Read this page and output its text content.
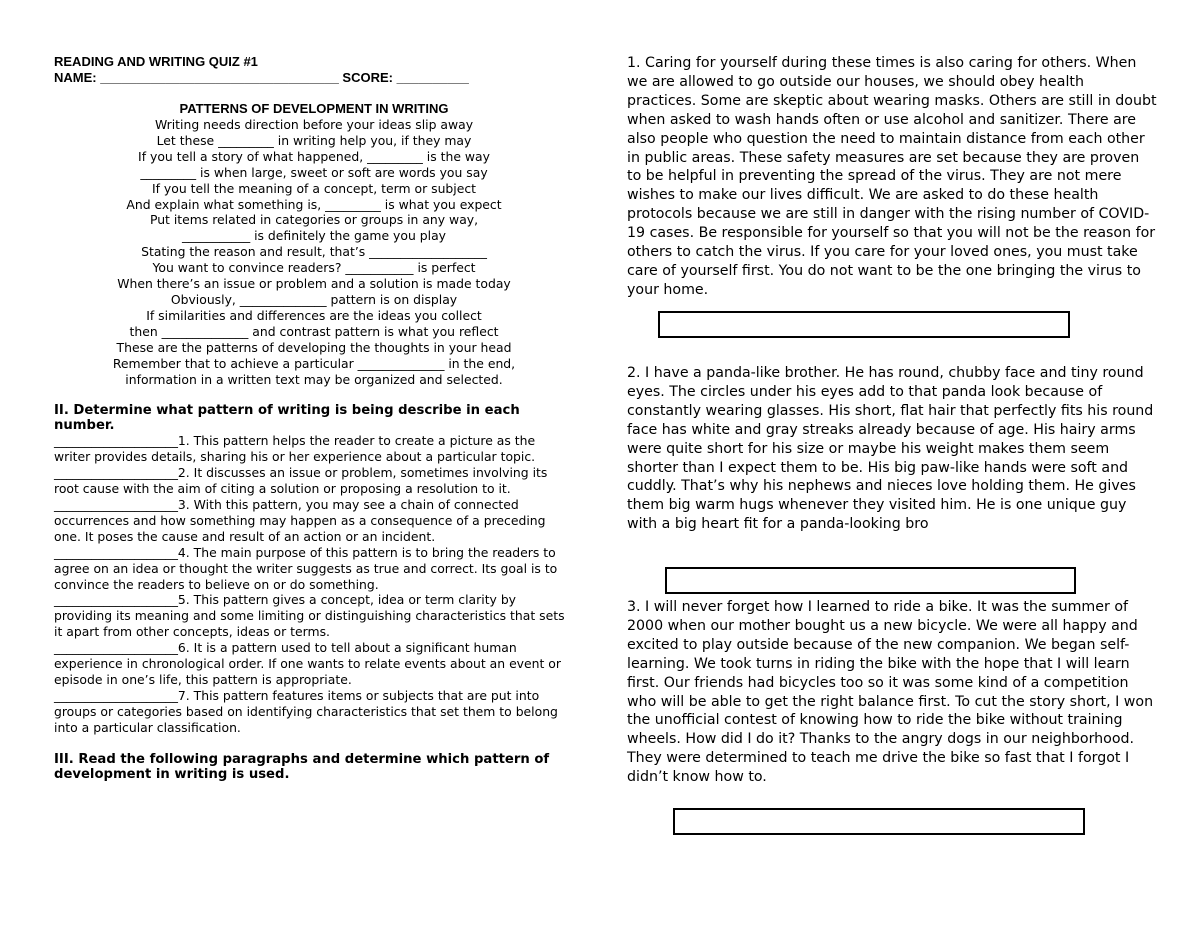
READING AND WRITING QUIZ #1
NAME: _________________________________ SCORE: __________
PATTERNS OF DEVELOPMENT IN WRITING
Writing needs direction before your ideas slip away
Let these _________ in writing help you, if they may
If you tell a story of what happened, _________ is the way
_________ is when large, sweet or soft are words you say
If you tell the meaning of a concept, term or subject
And explain what something is, _________ is what you expect
Put items related in categories or groups in any way,
___________ is definitely the game you play
Stating the reason and result, that’s ___________________
You want to convince readers? ___________ is perfect
When there’s an issue or problem and a solution is made today
Obviously, ______________ pattern is on display
If similarities and differences are the ideas you collect
then ______________ and contrast pattern is what you reflect
These are the patterns of developing the thoughts in your head
Remember that to achieve a particular ______________ in the end,
information in a written text may be organized and selected.
II. Determine what pattern of writing is being describe in each number.

____________________1. This pattern helps the reader to create a picture as the writer provides details, sharing his or her experience about a particular topic.

____________________2. It discusses an issue or problem, sometimes involving its root cause with the aim of citing a solution or proposing a resolution to it.

____________________3. With this pattern, you may see a chain of connected occurrences and how something may happen as a consequence of a preceding one. It poses the cause and result of an action or an incident.

____________________4. The main purpose of this pattern is to bring the readers to agree on an idea or thought the writer suggests as true and correct. Its goal is to convince the readers to believe on or do something.

____________________5. This pattern gives a concept, idea or term clarity by providing its meaning and some limiting or distinguishing characteristics that sets it apart from other concepts, ideas or terms.

____________________6. It is a pattern used to tell about a significant human experience in chronological order. If one wants to relate events about an event or episode in one’s life, this pattern is appropriate.

____________________7. This pattern features items or subjects that are put into groups or categories based on identifying characteristics that set them to belong into a particular classification.

III. Read the following paragraphs and determine which pattern of development in writing is used.

1. Caring for yourself during these times is also caring for others. When we are allowed to go outside our houses, we should obey health practices. Some are skeptic about wearing masks. Others are still in doubt when asked to wash hands often or use alcohol and sanitizer. There are also people who question the need to maintain distance from each other in public areas. These safety measures are set because they are proven to be helpful in preventing the spread of the virus. They are not mere wishes to make our lives difficult. We are asked to do these health protocols because we are still in danger with the rising number of COVID-19 cases. Be responsible for yourself so that you will not be the reason for others to catch the virus. If you care for your loved ones, you must take care of yourself first. You do not want to be the one bringing the virus to your home.

2. I have a panda-like brother. He has round, chubby face and tiny round eyes. The circles under his eyes add to that panda look because of constantly wearing glasses. His short, flat hair that perfectly fits his round face has white and gray streaks already because of age. His hairy arms were quite short for his size or maybe his weight makes them seem shorter than I expect them to be. His big paw-like hands were soft and cuddly. That’s why his nephews and nieces love holding them. He gives them big warm hugs whenever they visited him. He is one unique guy with a big heart fit for a panda-looking bro

3. I will never forget how I learned to ride a bike. It was the summer of 2000 when our mother bought us a new bicycle. We were all happy and excited to play outside because of the new companion. We began self- learning. We took turns in riding the bike with the hope that I will learn first. Our friends had bicycles too so it was some kind of a competition who will be able to get the right balance first. To cut the story short, I won the unofficial contest of knowing how to ride the bike without training wheels. How did I do it? Thanks to the angry dogs in our neighborhood. They were determined to teach me drive the bike so fast that I forgot I didn’t know how to.
